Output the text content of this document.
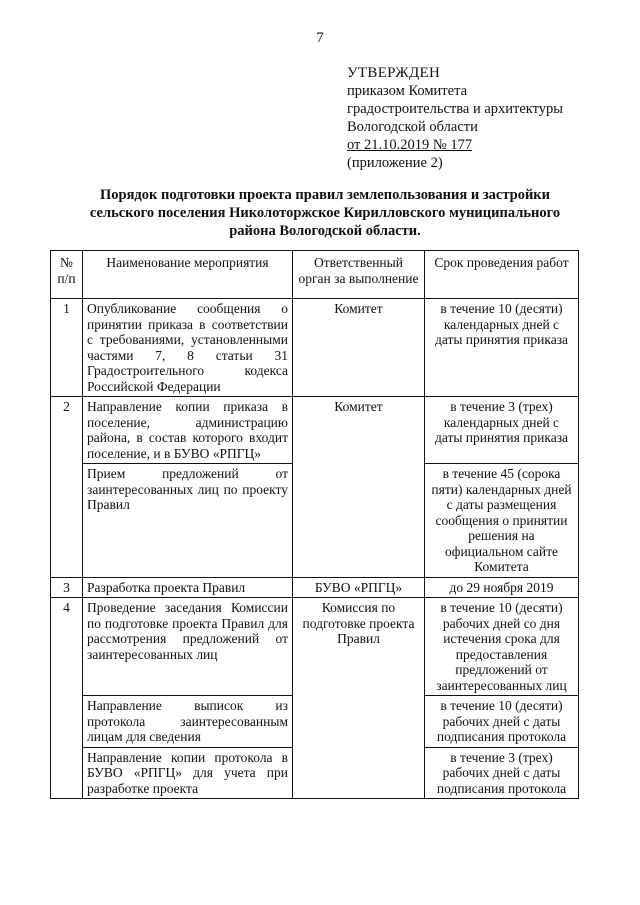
7
УТВЕРЖДЕН
приказом Комитета
градостроительства и архитектуры
Вологодской области
от 21.10.2019 № 177
(приложение 2)
Порядок подготовки проекта правил землепользования и застройки
сельского поселения Николоторжское Кирилловского муниципального
района Вологодской области.
№ п/п	Наименование мероприятия	Ответственный орган за выполнение	Срок проведения работ
1	Опубликование сообщения о принятии приказа в соответствии с требованиями, установленными частями 7, 8 статьи 31 Градостроительного кодекса Российской Федерации	Комитет	в течение 10 (десяти) календарных дней с даты принятия приказа
2	Направление копии приказа в поселение, администрацию района, в состав которого входит поселение, и в БУВО «РПГЦ»	Комитет	в течение 3 (трех) календарных дней с даты принятия приказа
	Прием предложений от заинтересованных лиц по проекту Правил		в течение 45 (сорока пяти) календарных дней с даты размещения сообщения о принятии решения на официальном сайте Комитета
3	Разработка проекта Правил	БУВО «РПГЦ»	до 29 ноября 2019
4	Проведение заседания Комиссии по подготовке проекта Правил для рассмотрения предложений от заинтересованных лиц	Комиссия по подготовке проекта Правил	в течение 10 (десяти) рабочих дней со дня истечения срока для предоставления предложений от заинтересованных лиц
	Направление выписок из протокола заинтересованным лицам для сведения		в течение 10 (десяти) рабочих дней с даты подписания протокола
	Направление копии протокола в БУВО «РПГЦ» для учета при разработке проекта		в течение 3 (трех) рабочих дней с даты подписания протокола
